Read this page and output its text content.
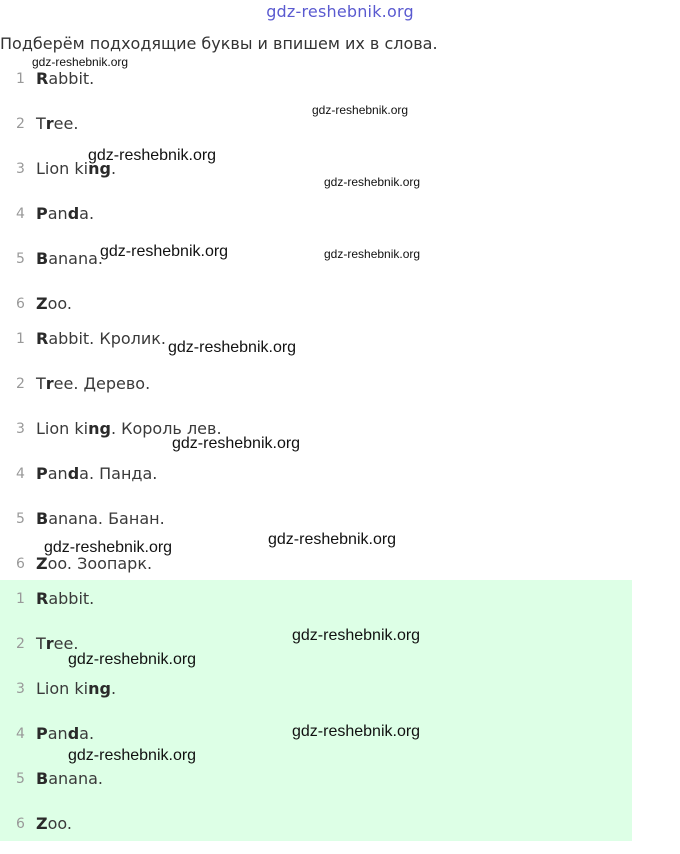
gdz-reshebnik.org
Подберём подходящие буквы и впишем их в слова.
1 Rabbit.
2 Tree.
3 Lion king.
4 Panda.
5 Banana.
6 Zoo.
1 Rabbit. Кролик.
2 Tree. Дерево.
3 Lion king. Король лев.
4 Panda. Панда.
5 Banana. Банан.
6 Zoo. Зоопарк.
1 Rabbit.
2 Tree.
3 Lion king.
4 Panda.
5 Banana.
6 Zoo.
gdz-reshebnik.org
gdz-reshebnik.org
gdz-reshebnik.org
gdz-reshebnik.org
gdz-reshebnik.org	gdz-reshebnik.org
gdz-reshebnik.org
gdz-reshebnik.org
gdz-reshebnik.org
gdz-reshebnik.org
gdz-reshebnik.org
gdz-reshebnik.org
gdz-reshebnik.org
gdz-reshebnik.org
